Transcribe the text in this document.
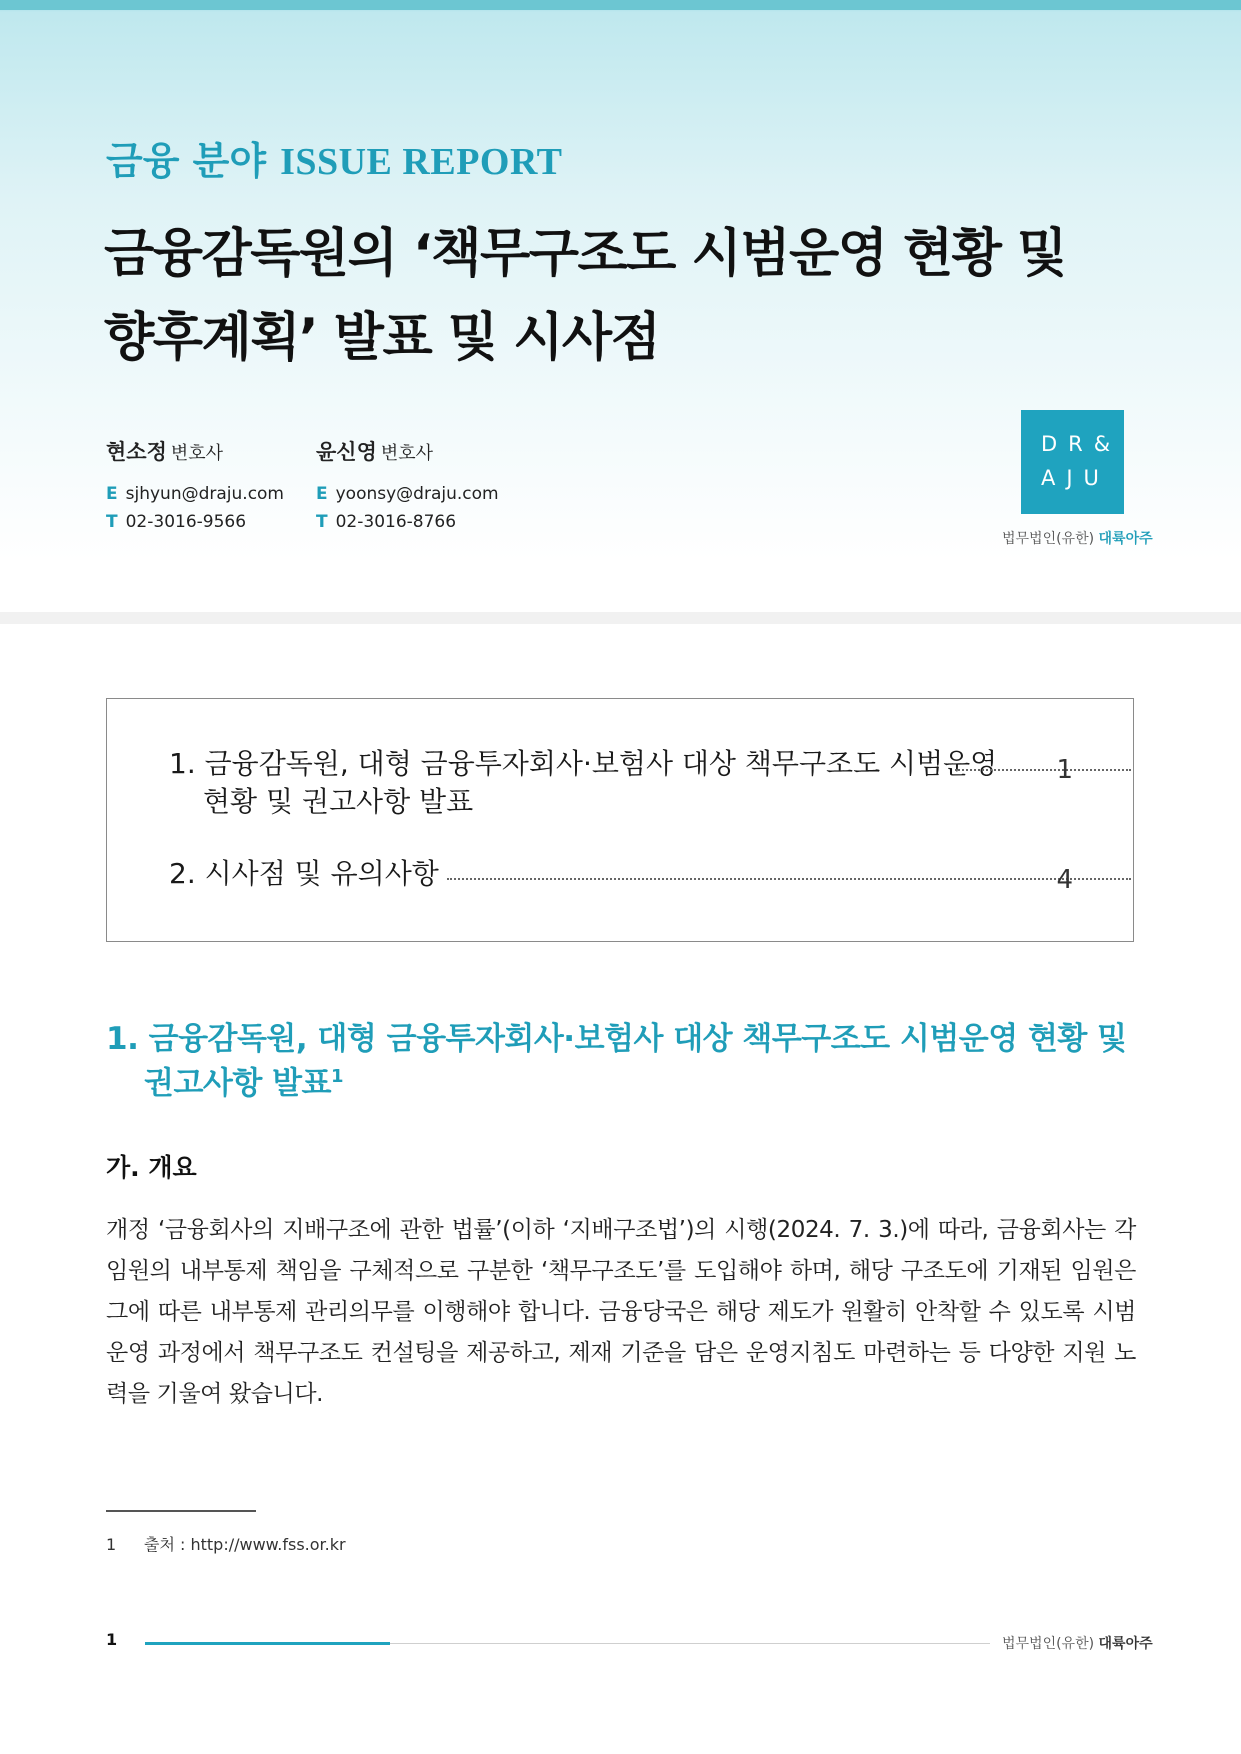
금융 분야 ISSUE REPORT
금융감독원의 ‘책무구조도 시범운영 현황 및
향후계획’ 발표 및 시사점
현소정 변호사
E sjhyun@draju.com
T 02-3016-9566
윤신영 변호사
E yoonsy@draju.com
T 02-3016-8766
DR&
AJU
법무법인(유한) 대륙아주
1. 금융감독원, 대형 금융투자회사·보험사 대상 책무구조도 시범운영
현황 및 권고사항 발표
1
2. 시사점 및 유의사항	4
1. 금융감독원, 대형 금융투자회사·보험사 대상 책무구조도 시범운영 현황 및
권고사항 발표$^1$
가. 개요
개정 ‘금융회사의 지배구조에 관한 법률’(이하 ‘지배구조법’)의 시행(2024. 7. 3.)에 따라, 금융회사는 각 임원의 내부통제 책임을 구체적으로 구분한 ‘책무구조도’를 도입해야 하며, 해당 구조도에 기재된 임원은 그에 따른 내부통제 관리의무를 이행해야 합니다. 금융당국은 해당 제도가 원활히 안착할 수 있도록 시범운영 과정에서 책무구조도 컨설팅을 제공하고, 제재 기준을 담은 운영지침도 마련하는 등 다양한 지원 노력을 기울여 왔습니다.
1 출처 : http://www.fss.or.kr
1	법무법인(유한) 대륙아주
